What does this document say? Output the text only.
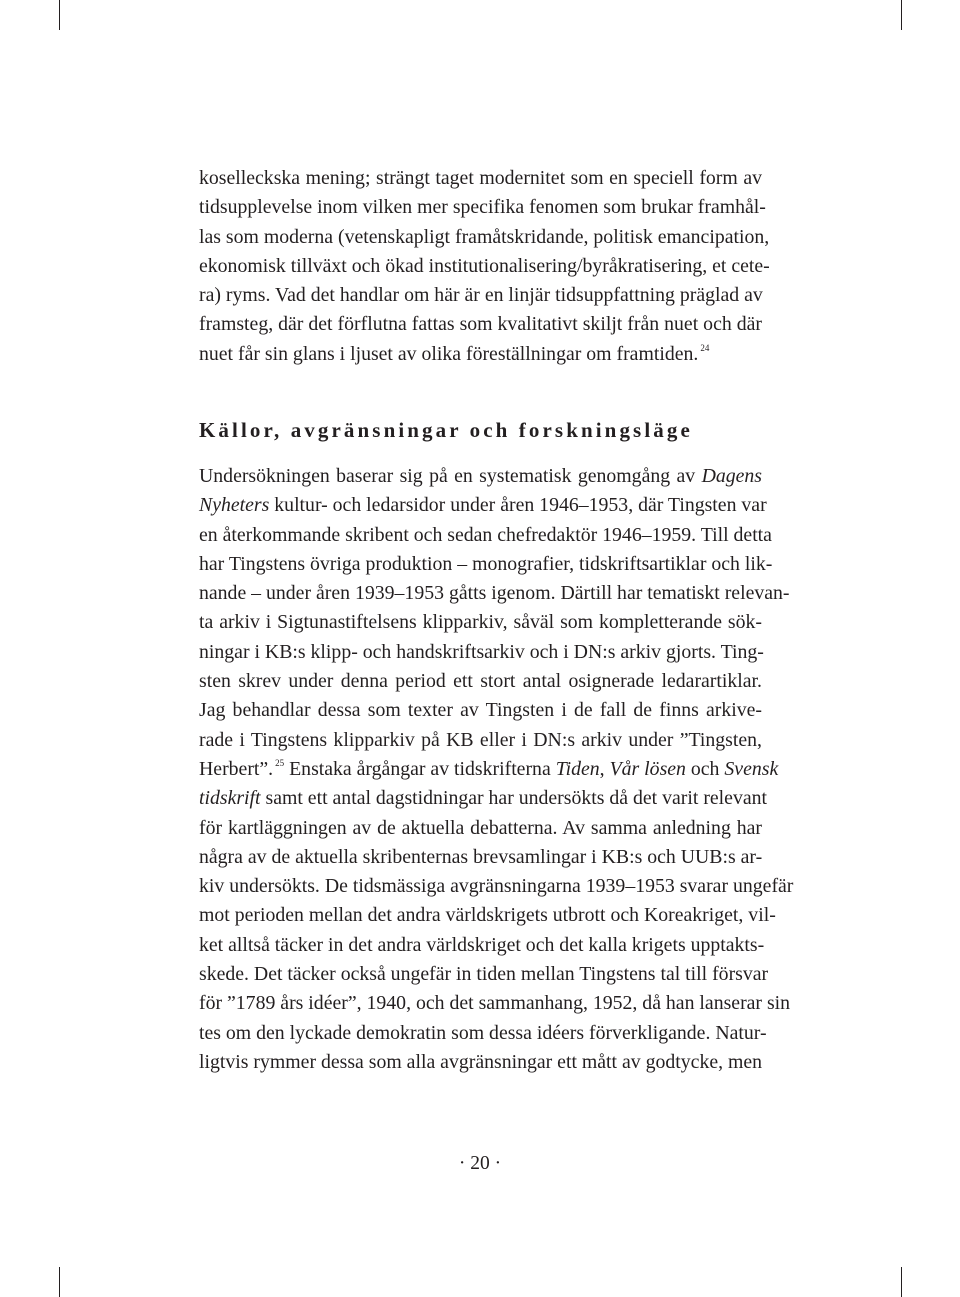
koselleckska mening; strängt taget modernitet som en speciell form av
tidsupplevelse inom vilken mer specifika fenomen som brukar framhål-
las som moderna (vetenskapligt framåtskridande, politisk emancipation,
ekonomisk tillväxt och ökad institutionalisering/byråkratisering, et cete-
ra) ryms. Vad det handlar om här är en linjär tidsuppfattning präglad av
framsteg, där det förflutna fattas som kvalitativt skiljt från nuet och där
nuet får sin glans i ljuset av olika föreställningar om framtiden. $^{24}$
Källor, avgränsningar och forskningsläge
Undersökningen baserar sig på en systematisk genomgång av Dagens
Nyheters kultur- och ledarsidor under åren 1946–1953, där Tingsten var
en återkommande skribent och sedan chefredaktör 1946–1959. Till detta
har Tingstens övriga produktion – monografier, tidskriftsartiklar och lik-
nande – under åren 1939–1953 gåtts igenom. Därtill har tematiskt relevan-
ta arkiv i Sigtunastiftelsens klipparkiv, såväl som kompletterande sök-
ningar i KB:s klipp- och handskriftsarkiv och i DN:s arkiv gjorts. Ting-
sten skrev under denna period ett stort antal osignerade ledarartiklar.
Jag behandlar dessa som texter av Tingsten i de fall de finns arkive-
rade i Tingstens klipparkiv på KB eller i DN:s arkiv under ”Tingsten,
Herbert”. $^{25}$ Enstaka årgångar av tidskrifterna Tiden, Vår lösen och Svensk
tidskrift samt ett antal dagstidningar har undersökts då det varit relevant
för kartläggningen av de aktuella debatterna. Av samma anledning har
några av de aktuella skribenternas brevsamlingar i KB:s och UUB:s ar-
kiv undersökts. De tidsmässiga avgränsningarna 1939–1953 svarar ungefär
mot perioden mellan det andra världskrigets utbrott och Koreakriget, vil-
ket alltså täcker in det andra världskriget och det kalla krigets upptakts-
skede. Det täcker också ungefär in tiden mellan Tingstens tal till försvar
för ”1789 års idéer”, 1940, och det sammanhang, 1952, då han lanserar sin
tes om den lyckade demokratin som dessa idéers förverkligande. Natur-
ligtvis rymmer dessa som alla avgränsningar ett mått av godtycke, men
· 20 ·
